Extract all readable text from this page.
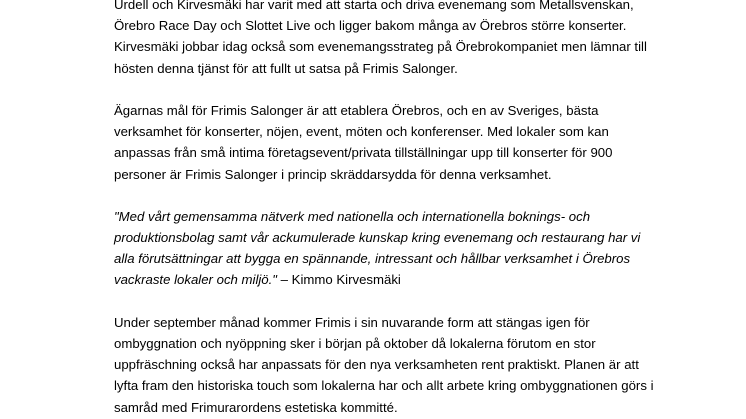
Urdell och Kirvesmäki har varit med att starta och driva evenemang som Metallsvenskan,
Örebro Race Day och Slottet Live och ligger bakom många av Örebros större konserter.
Kirvesmäki jobbar idag också som evenemangsstrateg på Örebrokompaniet men lämnar till
hösten denna tjänst för att fullt ut satsa på Frimis Salonger.
Ägarnas mål för Frimis Salonger är att etablera Örebros, och en av Sveriges, bästa
verksamhet för konserter, nöjen, event, möten och konferenser. Med lokaler som kan
anpassas från små intima företagsevent/privata tillställningar upp till konserter för 900
personer är Frimis Salonger i princip skräddarsydda för denna verksamhet.
"Med vårt gemensamma nätverk med nationella och internationella boknings- och
produktionsbolag samt vår ackumulerade kunskap kring evenemang och restaurang har vi
alla förutsättningar att bygga en spännande, intressant och hållbar verksamhet i Örebros
vackraste lokaler och miljö." – Kimmo Kirvesmäki
Under september månad kommer Frimis i sin nuvarande form att stängas igen för
ombyggnation och nyöppning sker i början på oktober då lokalerna förutom en stor
uppfräschning också har anpassats för den nya verksamheten rent praktiskt. Planen är att
lyfta fram den historiska touch som lokalerna har och allt arbete kring ombyggnationen görs i
samråd med Frimurarordens estetiska kommitté.
